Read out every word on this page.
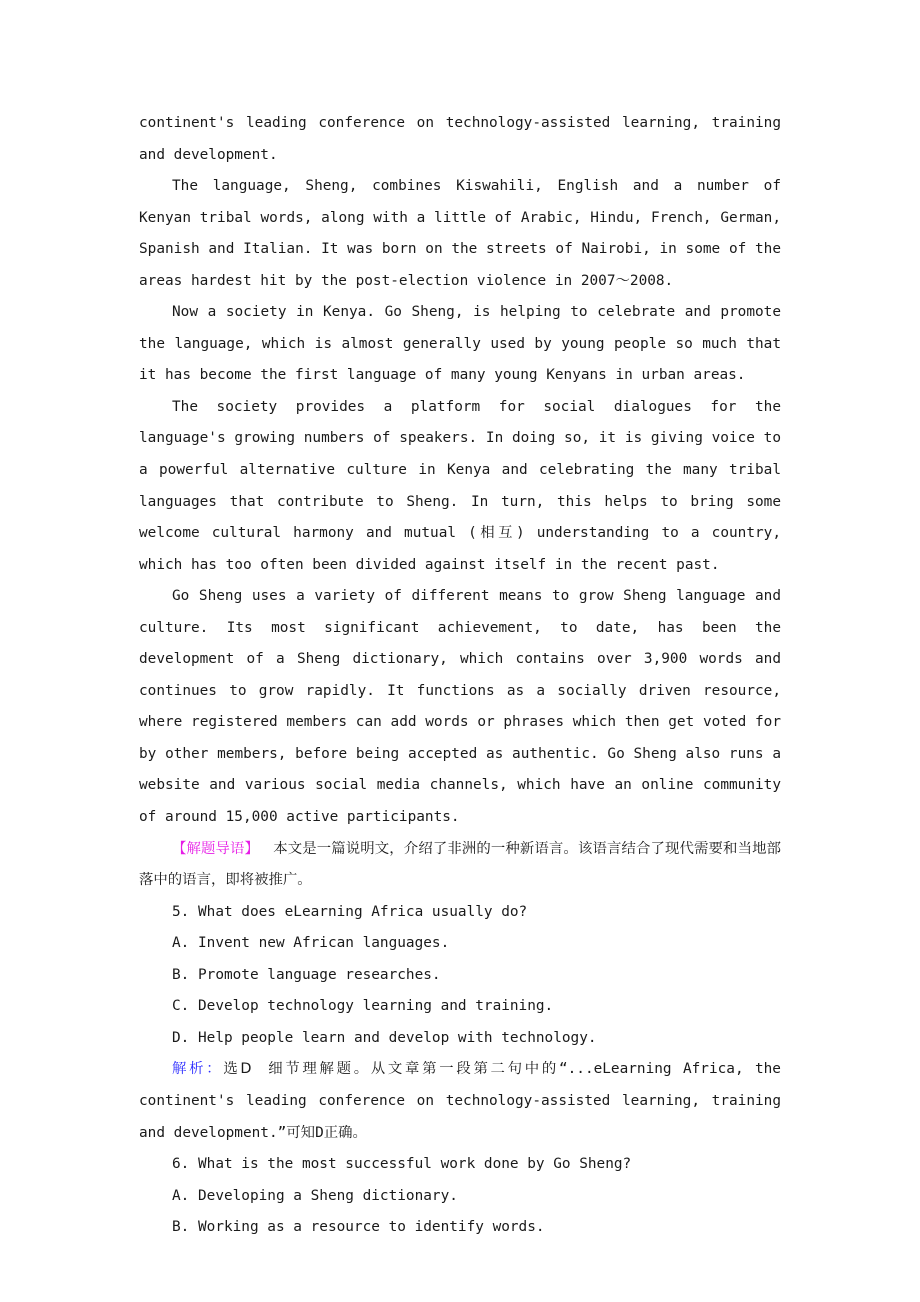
continent's leading conference on technology-assisted learning, training and development.

The language, Sheng, combines Kiswahili, English and a number of Kenyan tribal words, along with a little of Arabic, Hindu, French, German, Spanish and Italian. It was born on the streets of Nairobi, in some of the areas hardest hit by the post-election violence in 2007～2008.

Now a society in Kenya. Go Sheng, is helping to celebrate and promote the language, which is almost generally used by young people so much that it has become the first language of many young Kenyans in urban areas.

The society provides a platform for social dialogues for the language's growing numbers of speakers. In doing so, it is giving voice to a powerful alternative culture in Kenya and celebrating the many tribal languages that contribute to Sheng. In turn, this helps to bring some welcome cultural harmony and mutual (相互) understanding to a country, which has too often been divided against itself in the recent past.

Go Sheng uses a variety of different means to grow Sheng language and culture. Its most significant achievement, to date, has been the development of a Sheng dictionary, which contains over 3,900 words and continues to grow rapidly. It functions as a socially driven resource, where registered members can add words or phrases which then get voted for by other members, before being accepted as authentic. Go Sheng also runs a website and various social media channels, which have an online community of around 15,000 active participants.

【解题导语】 本文是一篇说明文，介绍了非洲的一种新语言。该语言结合了现代需要和当地部落中的语言，即将被推广。

5. What does eLearning Africa usually do?

A. Invent new African languages.

B. Promote language researches.

C. Develop technology learning and training.

D. Help people learn and develop with technology.

解析：选D 细节理解题。从文章第一段第二句中的“...eLearning Africa, the continent's leading conference on technology-assisted learning, training and development.”可知D正确。

6. What is the most successful work done by Go Sheng?

A. Developing a Sheng dictionary.

B. Working as a resource to identify words.
